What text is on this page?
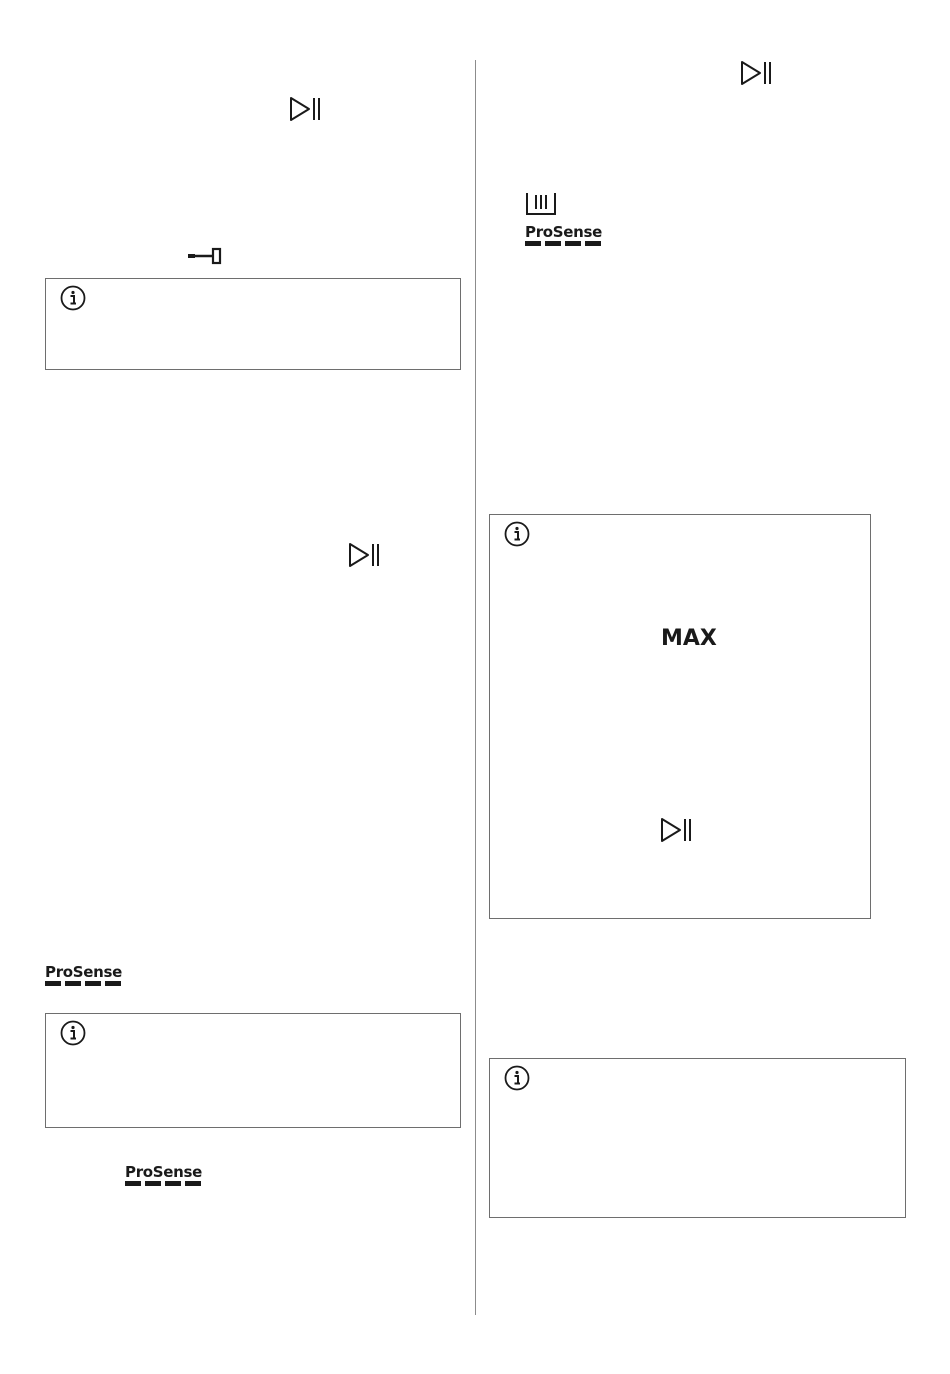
ProSense
ProSense
ProSense
MAX
